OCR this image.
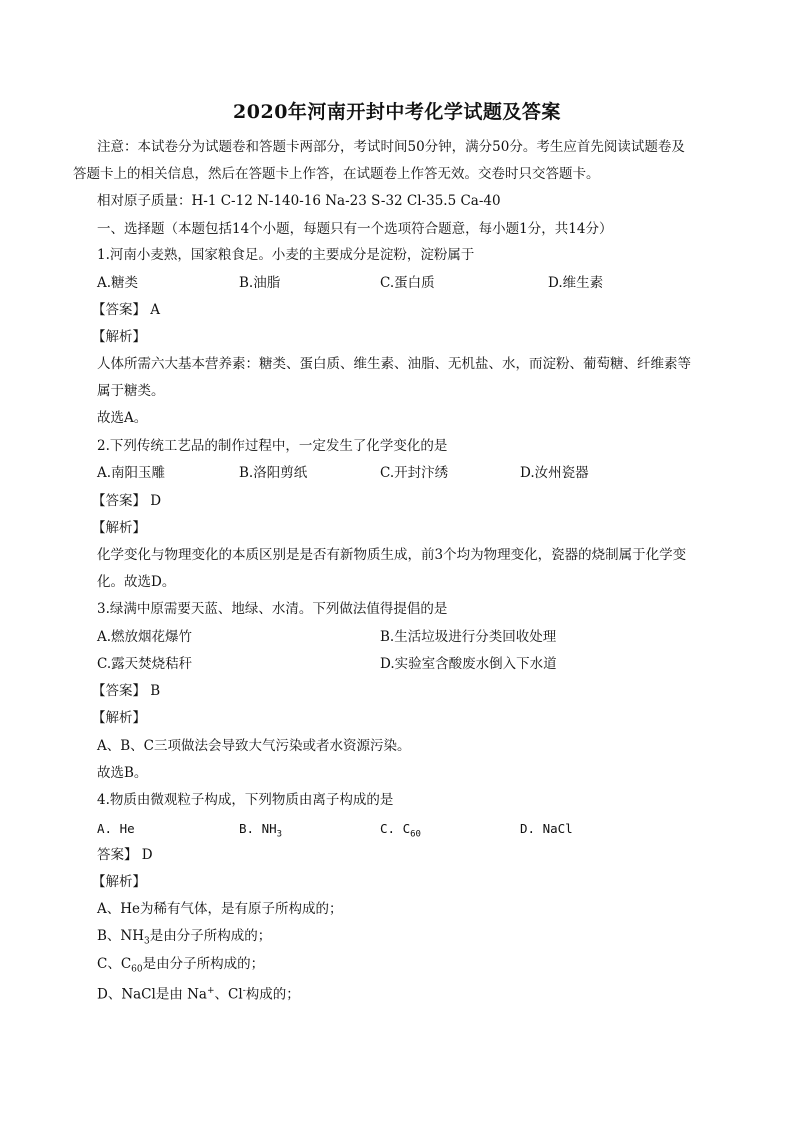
2020年河南开封中考化学试题及答案
注意：本试卷分为试题卷和答题卡两部分，考试时间50分钟，满分50分。考生应首先阅读试题卷及
答题卡上的相关信息，然后在答题卡上作答，在试题卷上作答无效。交卷时只交答题卡。
相对原子质量：H-1 C-12 N-140-16 Na-23 S-32 Cl-35.5 Ca-40
一、选择题（本题包括14个小题，每题只有一个选项符合题意，每小题1分，共14分）
1.河南小麦熟，国家粮食足。小麦的主要成分是淀粉，淀粉属于
A.糖类	B.油脂	C.蛋白质	D.维生素
【答案】 A
【解析】
人体所需六大基本营养素：糖类、蛋白质、维生素、油脂、无机盐、水，而淀粉、葡萄糖、纤维素等
属于糖类。
故选A。
2.下列传统工艺品的制作过程中，一定发生了化学变化的是
A.南阳玉雕	B.洛阳剪纸	C.开封汴绣	D.汝州瓷器
【答案】 D
【解析】
化学变化与物理变化的本质区别是是否有新物质生成，前3个均为物理变化，瓷器的烧制属于化学变
化。故选D。
3.绿满中原需要天蓝、地绿、水清。下列做法值得提倡的是
A.燃放烟花爆竹	B.生活垃圾进行分类回收处理
C.露天焚烧秸秆	D.实验室含酸废水倒入下水道
【答案】 B
【解析】
A、B、C三项做法会导致大气污染或者水资源污染。
故选B。
4.物质由微观粒子构成，下列物质由离子构成的是
A. He	B. $NH_3$	C. $C_{60}$	D. NaCl
答案】 D
【解析】
A、He为稀有气体，是有原子所构成的；
B、$NH_3$是由分子所构成的；
C、$C_{60}$是由分子所构成的；
D、NaCl是由 Na+、Cl-构成的；
